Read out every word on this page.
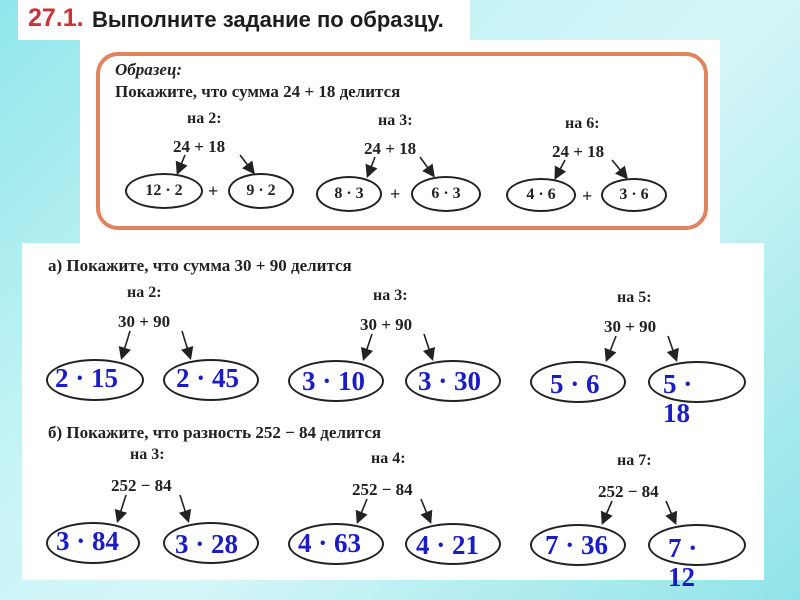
27.1. Выполните задание по образцу.
Образец:
Покажите, что сумма 24 + 18 делится
на 2:
24 + 18
12 · 2	+	9 · 2
на 3:
24 + 18
8 · 3	+	6 · 3
на 6:
24 + 18
4 · 6	+	3 · 6
а) Покажите, что сумма 30 + 90 делится
на 2:
30 + 90
на 3:
30 + 90
на 5:
30 + 90
2 · 15 2 · 45 3 · 10 3 · 30	5 · 6 5 · 18
б) Покажите, что разность 252 − 84 делится
на 3:
252 − 84
на 4:
252 − 84
на 7:
252 − 84
3 · 84 3 · 28 4 · 63 4 · 21 7 · 36 7 · 12
